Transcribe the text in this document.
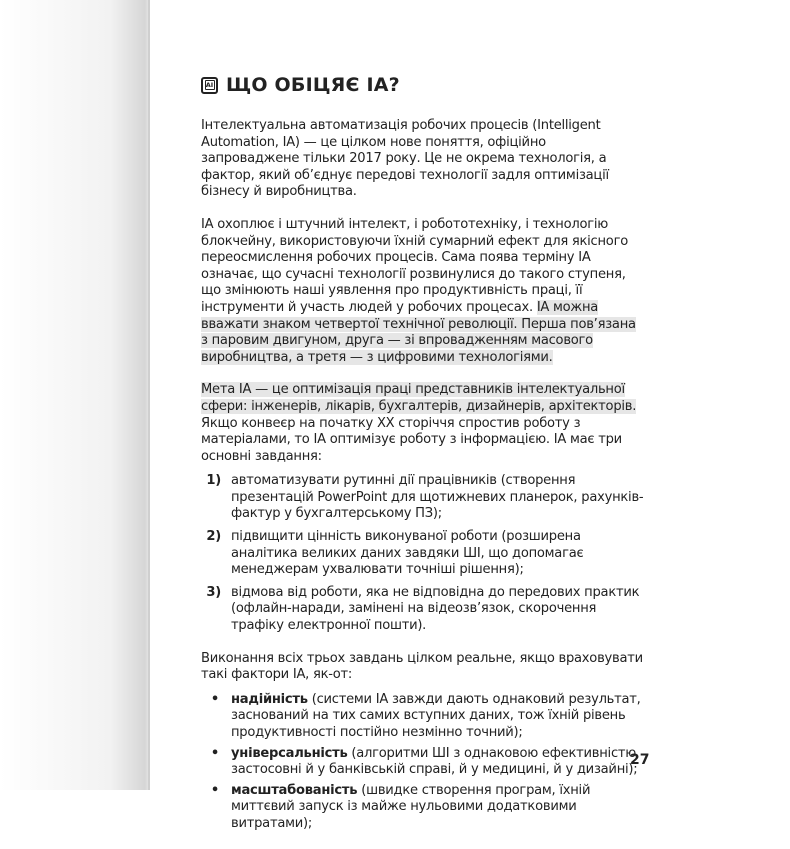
AI ЩО ОБІЦЯЄ ІА?

Інтелектуальна автоматизація робочих процесів (Intelligent Automation, IA) — це цілком нове поняття, офіційно запроваджене тільки 2017 року. Це не окрема технологія, а фактор, який об’єднує передові технології задля оптимізації бізнесу й виробництва.

ІА охоплює і штучний інтелект, і робототехніку, і технологію блокчейну, використовуючи їхній сумарний ефект для якісного переосмислення робочих процесів. Сама поява терміну ІА означає, що сучасні технології розвинулися до такого ступеня, що змінюють наші уявлення про продуктивність праці, її інструменти й участь людей у робочих процесах. ІА можна вважати знаком четвертої технічної революції. Перша пов’язана з паровим двигуном, друга — зі впровадженням масового виробництва, а третя — з цифровими технологіями.

Мета ІА — це оптимізація праці представників інтелектуальної сфери: інженерів, лікарів, бухгалтерів, дизайнерів, архітекторів. Якщо конвеєр на початку ХХ сторіччя спростив роботу з матеріалами, то ІА оптимізує роботу з інформацією. ІА має три основні завдання:

1) автоматизувати рутинні дії працівників (створення презентацій PowerPoint для щотижневих планерок, рахунків-фактур у бухгалтерському ПЗ);
2) підвищити цінність виконуваної роботи (розширена аналітика великих даних завдяки ШІ, що допомагає менеджерам ухвалювати точніші рішення);
3) відмова від роботи, яка не відповідна до передових практик (офлайн-наради, замінені на відеозв’язок, скорочення трафіку електронної пошти).

Виконання всіх трьох завдань цілком реальне, якщо враховувати такі фактори ІА, як-от:

• надійність (системи ІА завжди дають однаковий результат, заснований на тих самих вступних даних, тож їхній рівень продуктивності постійно незмінно точний);
• універсальність (алгоритми ШІ з однаковою ефективністю застосовні й у банківській справі, й у медицині, й у дизайні);
• масштабованість (швидке створення програм, їхній миттєвий запуск із майже нульовими додатковими витратами);
27
